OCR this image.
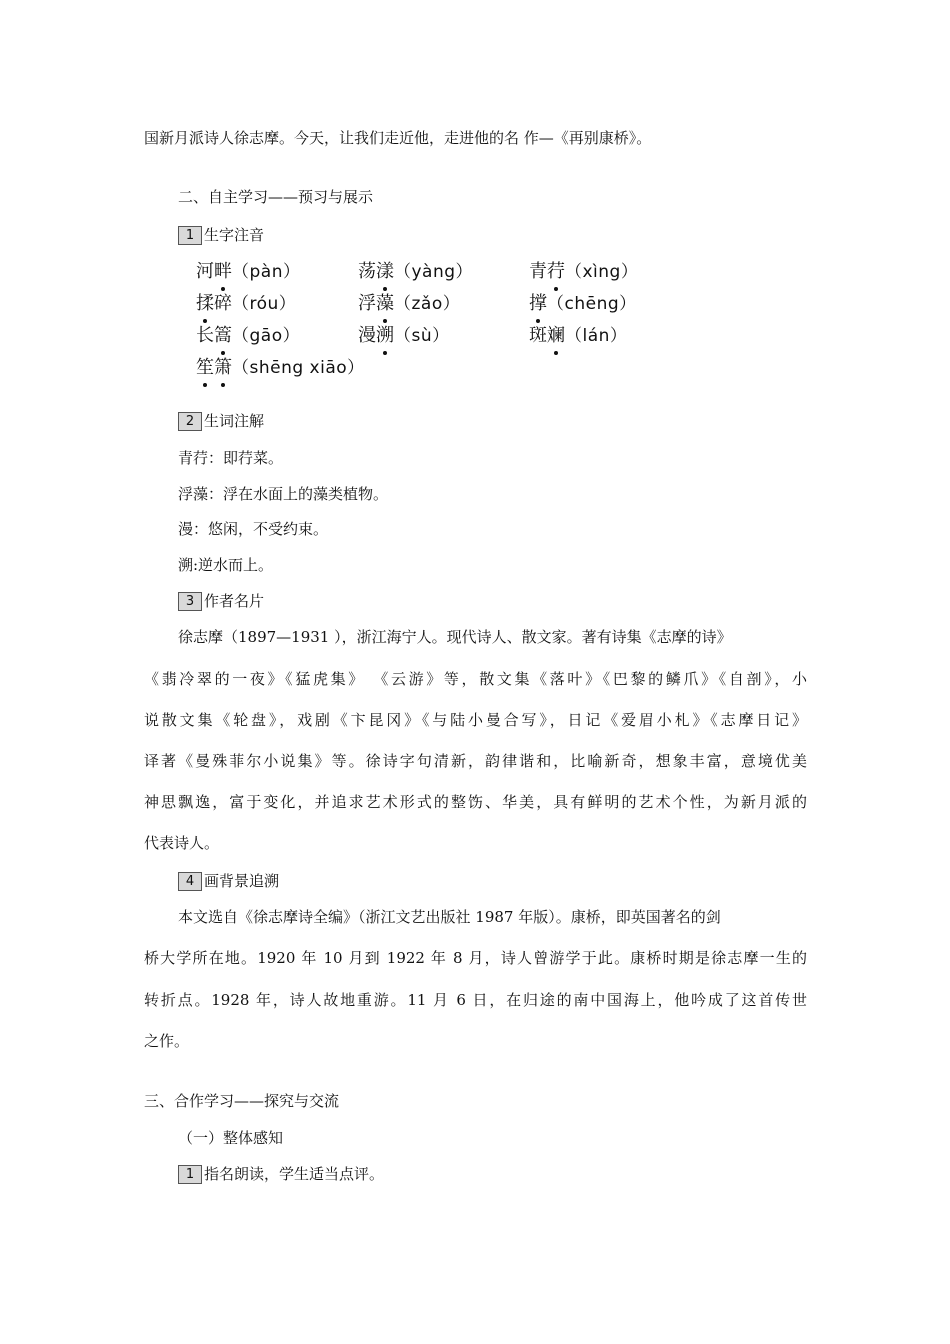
国新月派诗人徐志摩。今天，让我们走近他，走进他的名 作—《再别康桥》。
二、自主学习——预习与展示
1 生字注音
河畔（pàn）	荡漾（yàng）	青荇（xìng）
揉碎（róu）	浮藻（zǎo）	撑（chēng）
长篙（gāo）	漫溯（sù）	斑斓（lán）
笙箫（shēng xiāo）
2 生词注解
青荇：即荇菜。
浮藻：浮在水面上的藻类植物。
漫：悠闲，不受约束。
溯:逆水而上。
3 作者名片
徐志摩（1897—1931 ），浙江海宁人。现代诗人、散文家。著有诗集《志摩的诗》
《翡冷翠的一夜》《猛虎集》 《云游》等，散文集《落叶》《巴黎的鳞爪》《自剖》，小
说散文集《轮盘》，戏剧《卞昆冈》《与陆小曼合写》，日记《爱眉小札》《志摩日记》
译著《曼殊菲尔小说集》等。徐诗字句清新，韵律谐和，比喻新奇，想象丰富，意境优美
神思飘逸，富于变化，并追求艺术形式的整饬、华美，具有鲜明的艺术个性，为新月派的
代表诗人。
4 画背景追溯
本文选自《徐志摩诗全编》（浙江文艺出版社 1987 年版）。康桥，即英国著名的剑
桥大学所在地。1920 年 10 月到 1922 年 8 月，诗人曾游学于此。康桥时期是徐志摩一生的
转折点。1928 年，诗人故地重游。11 月 6 日，在归途的南中国海上，他吟成了这首传世
之作。
三、合作学习——探究与交流
（一）整体感知
1 指名朗读，学生适当点评。
